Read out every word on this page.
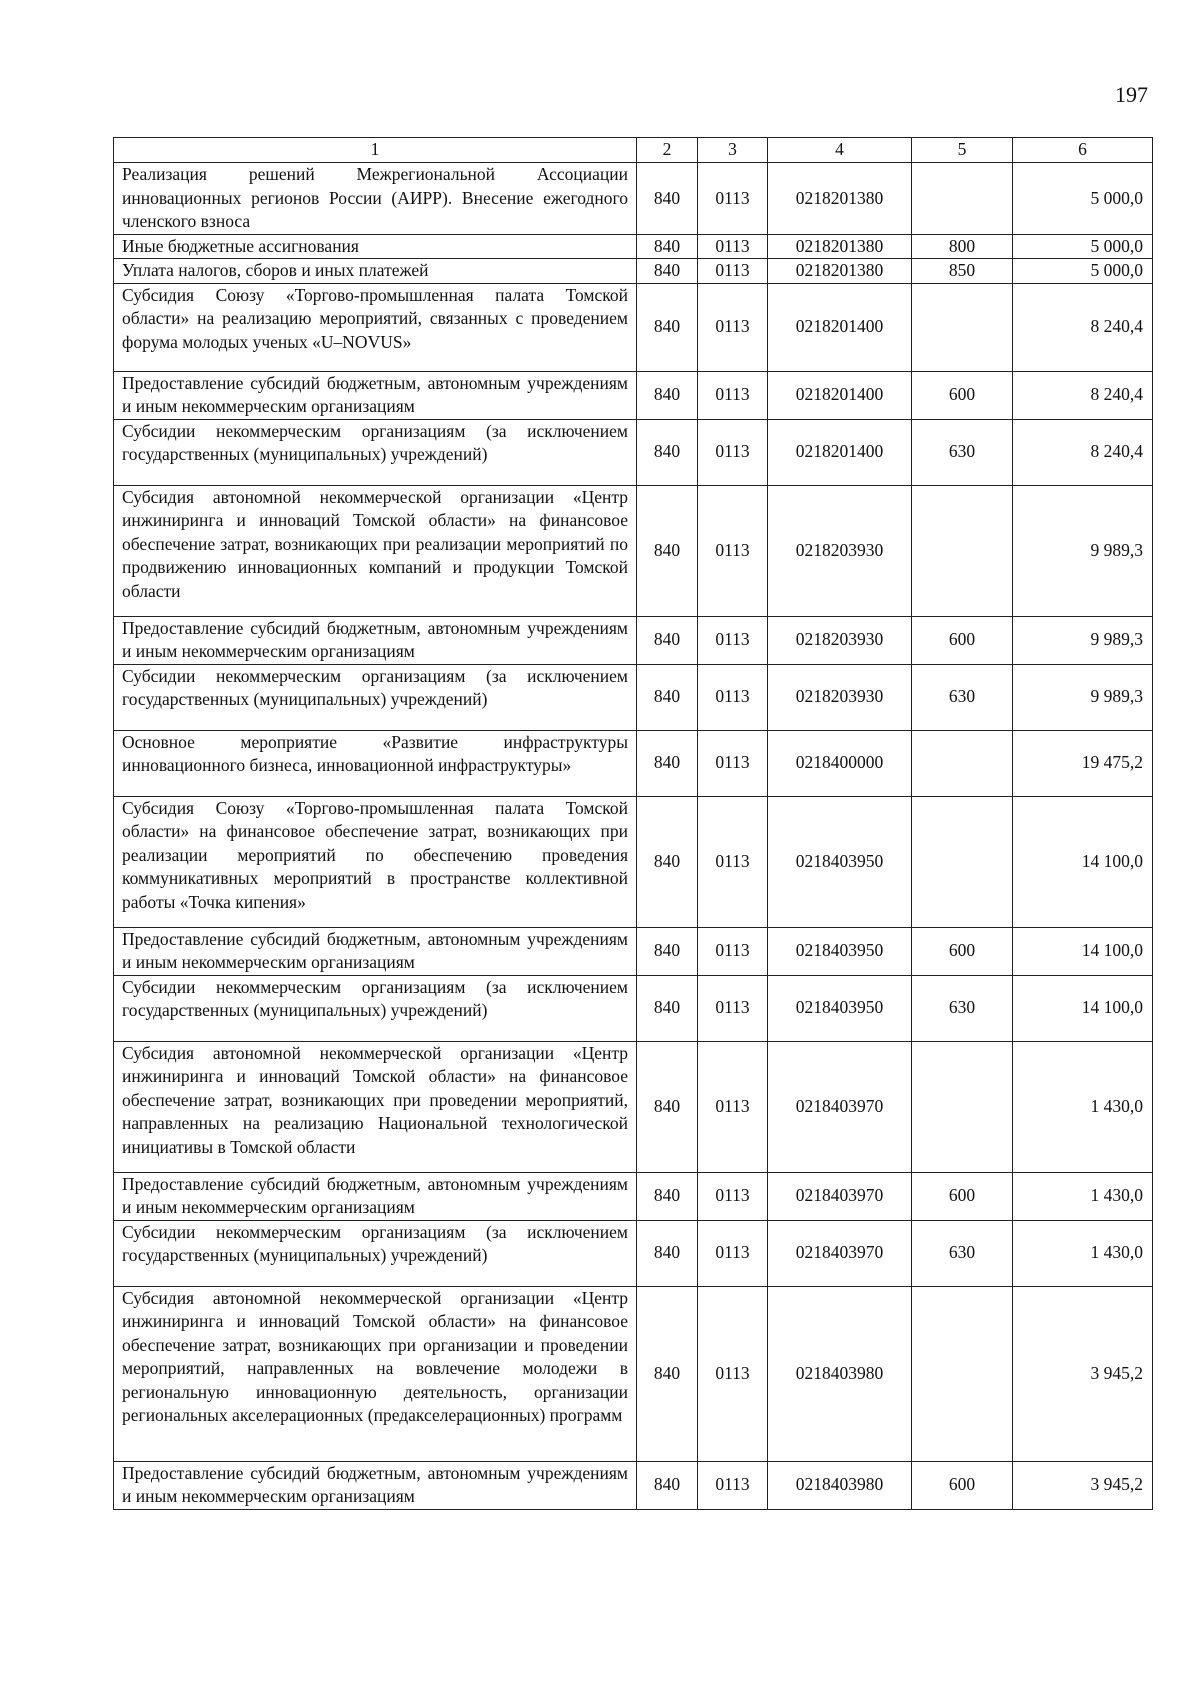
197
1	2	3	4	5	6
Реализация решений Межрегиональной Ассоциации инновационных регионов России (АИРР). Внесение ежегодного членского взноса	840	0113	0218201380		5 000,0
Иные бюджетные ассигнования	840	0113	0218201380	800	5 000,0
Уплата налогов, сборов и иных платежей	840	0113	0218201380	850	5 000,0
Субсидия Союзу «Торгово-промышленная палата Томской области» на реализацию мероприятий, связанных с проведением форума молодых ученых «U–NOVUS»	840	0113	0218201400		8 240,4
Предоставление субсидий бюджетным, автономным учреждениям и иным некоммерческим организациям	840	0113	0218201400	600	8 240,4
Субсидии некоммерческим организациям (за исключением государственных (муниципальных) учреждений)	840	0113	0218201400	630	8 240,4
Субсидия автономной некоммерческой организации «Центр инжиниринга и инноваций Томской области» на финансовое обеспечение затрат, возникающих при реализации мероприятий по продвижению инновационных компаний и продукции Томской области	840	0113	0218203930		9 989,3
Предоставление субсидий бюджетным, автономным учреждениям и иным некоммерческим организациям	840	0113	0218203930	600	9 989,3
Субсидии некоммерческим организациям (за исключением государственных (муниципальных) учреждений)	840	0113	0218203930	630	9 989,3
Основное мероприятие «Развитие инфраструктуры инновационного бизнеса, инновационной инфраструктуры»	840	0113	0218400000		19 475,2
Субсидия Союзу «Торгово-промышленная палата Томской области» на финансовое обеспечение затрат, возникающих при реализации мероприятий по обеспечению проведения коммуникативных мероприятий в пространстве коллективной работы «Точка кипения»	840	0113	0218403950		14 100,0
Предоставление субсидий бюджетным, автономным учреждениям и иным некоммерческим организациям	840	0113	0218403950	600	14 100,0
Субсидии некоммерческим организациям (за исключением государственных (муниципальных) учреждений)	840	0113	0218403950	630	14 100,0
Субсидия автономной некоммерческой организации «Центр инжиниринга и инноваций Томской области» на финансовое обеспечение затрат, возникающих при проведении мероприятий, направленных на реализацию Национальной технологической инициативы в Томской области	840	0113	0218403970		1 430,0
Предоставление субсидий бюджетным, автономным учреждениям и иным некоммерческим организациям	840	0113	0218403970	600	1 430,0
Субсидии некоммерческим организациям (за исключением государственных (муниципальных) учреждений)	840	0113	0218403970	630	1 430,0
Субсидия автономной некоммерческой организации «Центр инжиниринга и инноваций Томской области» на финансовое обеспечение затрат, возникающих при организации и проведении мероприятий, направленных на вовлечение молодежи в региональную инновационную деятельность, организации региональных акселерационных (предакселерационных) программ	840	0113	0218403980		3 945,2
Предоставление субсидий бюджетным, автономным учреждениям и иным некоммерческим организациям	840	0113	0218403980	600	3 945,2
